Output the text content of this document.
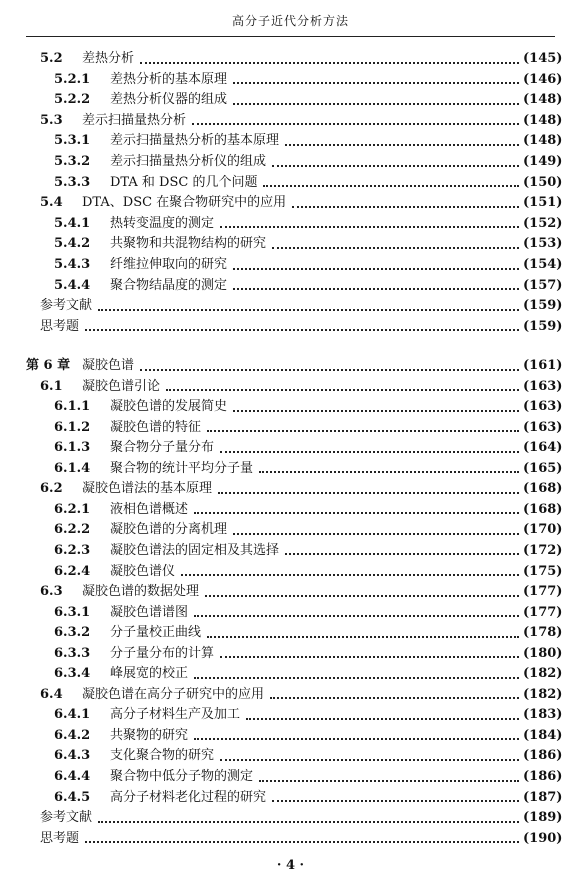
高分子近代分析方法
5.2	差热分析	(145)
5.2.1	差热分析的基本原理	(146)
5.2.2	差热分析仪器的组成	(148)
5.3	差示扫描量热分析	(148)
5.3.1	差示扫描量热分析的基本原理	(148)
5.3.2	差示扫描量热分析仪的组成	(149)
5.3.3	DTA 和 DSC 的几个问题	(150)
5.4	DTA、DSC 在聚合物研究中的应用	(151)
5.4.1	热转变温度的测定	(152)
5.4.2	共聚物和共混物结构的研究	(153)
5.4.3	纤维拉伸取向的研究	(154)
5.4.4	聚合物结晶度的测定	(157)
参考文献	(159)
思考题	(159)
第 6 章 凝胶色谱	(161)
6.1	凝胶色谱引论	(163)
6.1.1	凝胶色谱的发展简史	(163)
6.1.2	凝胶色谱的特征	(163)
6.1.3	聚合物分子量分布	(164)
6.1.4	聚合物的统计平均分子量	(165)
6.2	凝胶色谱法的基本原理	(168)
6.2.1	液相色谱概述	(168)
6.2.2	凝胶色谱的分离机理	(170)
6.2.3	凝胶色谱法的固定相及其选择	(172)
6.2.4	凝胶色谱仪	(175)
6.3	凝胶色谱的数据处理	(177)
6.3.1	凝胶色谱谱图	(177)
6.3.2	分子量校正曲线	(178)
6.3.3	分子量分布的计算	(180)
6.3.4	峰展宽的校正	(182)
6.4	凝胶色谱在高分子研究中的应用	(182)
6.4.1	高分子材料生产及加工	(183)
6.4.2	共聚物的研究	(184)
6.4.3	支化聚合物的研究	(186)
6.4.4	聚合物中低分子物的测定	(186)
6.4.5	高分子材料老化过程的研究	(187)
参考文献	(189)
思考题	(190)
· 4 ·
